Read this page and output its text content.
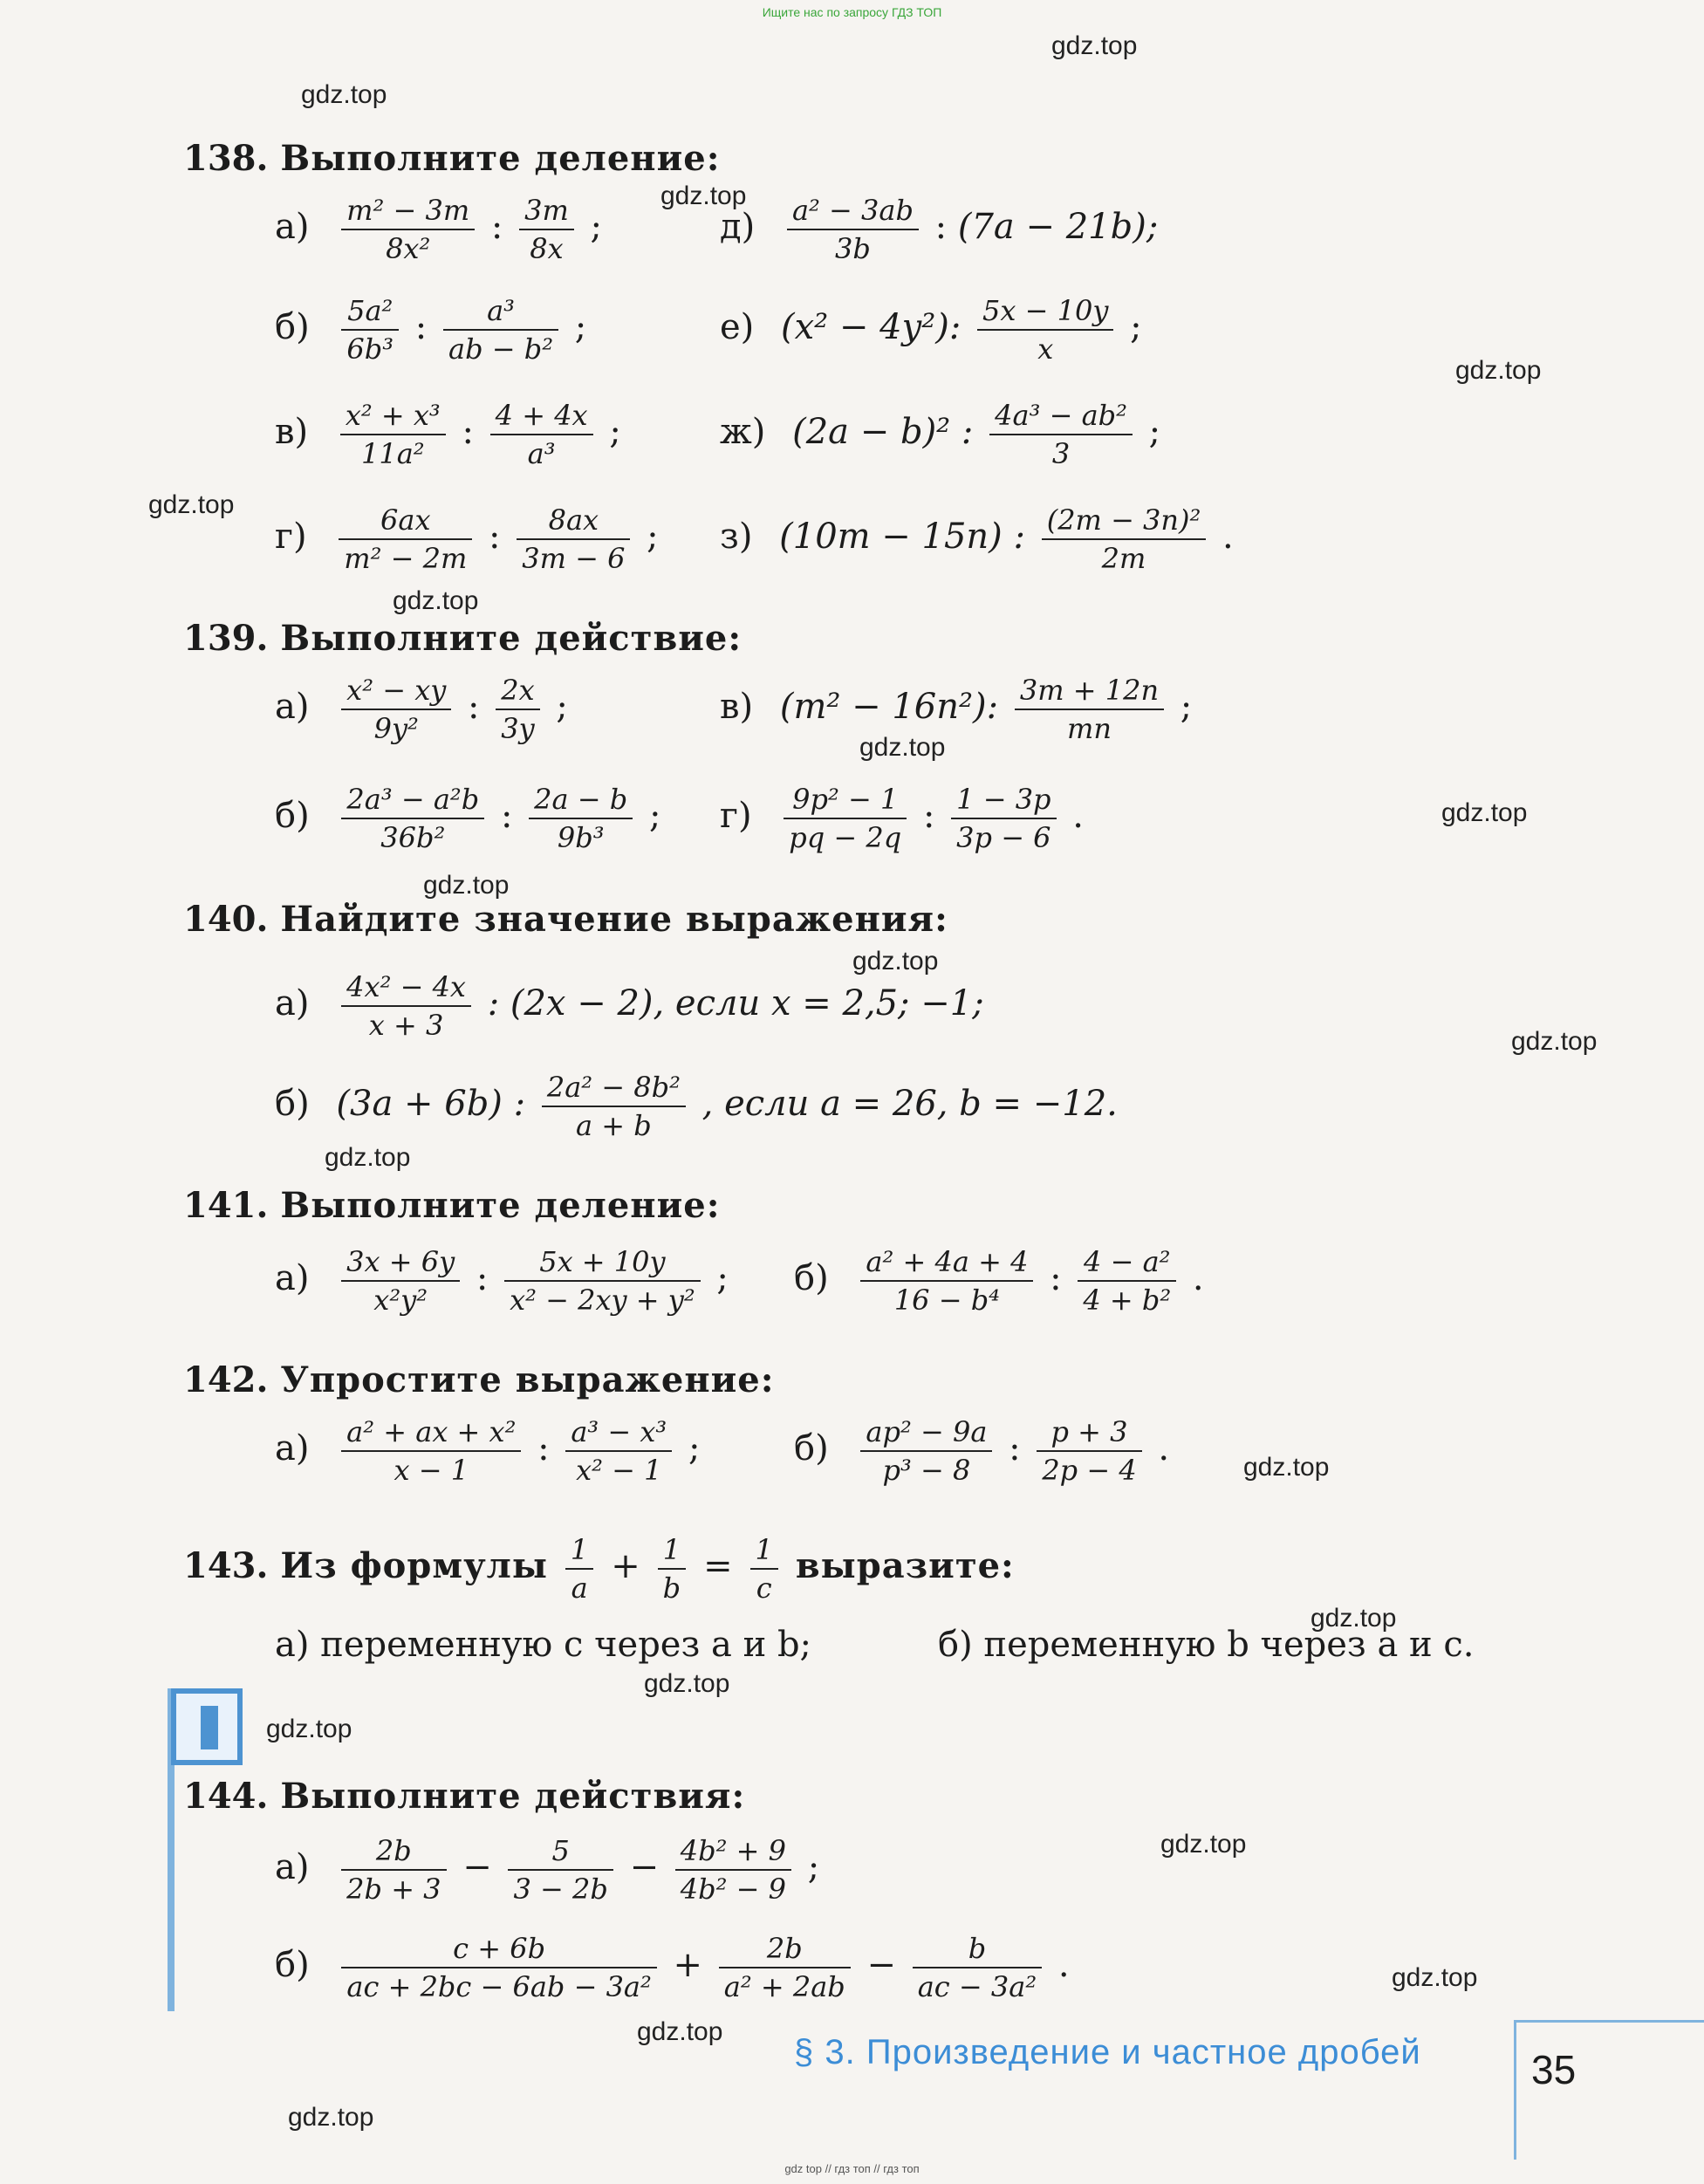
Ищите нас по запросу ГДЗ ТОП
gdz.top
gdz.top
gdz.top
gdz.top
gdz.top
gdz.top
gdz.top
gdz.top
gdz.top
gdz.top
gdz.top
gdz.top
gdz.top
gdz.top
gdz.top
gdz.top
gdz.top
gdz.top
gdz.top
gdz.top
138. Выполните деление:
$а) \frac{\text{m² − 3m}}{\text{8x²}}$ : $\frac{3m}{8x}$ ;	$д) \frac{\text{a² − 3ab}}{3b}$ : (7a − 21b);
$б) \frac{\text{5a²}}{\text{6b³}}$ : $\frac{\text{a³}}{\text{ab − b²}}$ ;	е) (x² − 4y²): $\frac{5x - 10y}{x}$ ;
$в) \frac{\text{x² + x³}}{\text{11a²}}$ : $\frac{4 + 4x}{\text{a³}}$ ;	ж) (2a − b)² : $\frac{\text{4a³ − ab²}}{3}$ ;
$г) \frac{6ax}{\text{m² − 2m}}$ : $\frac{8ax}{3m - 6}$ ; з) (10m − 15n) : $\frac{\text{(2m − 3n)²}}{2m}$ .
139. Выполните действие:
$а) \frac{\text{x² − xy}}{\text{9y²}}$ : $\frac{2x}{3y}$ ;	в) (m² − 16n²): $\frac{3m + 12n}{mn}$ ;
$б) \frac{\text{2a³ − a²b}}{\text{36b²}}$ : $\frac{2a - b}{\text{9b³}}$ ; $г) \frac{\text{9p² − 1}}{pq - 2q}$ : $\frac{1 - 3p}{3p - 6}$ .
140. Найдите значение выражения:
$а) \frac{\text{4x² − 4x}}{x + 3}$ : (2x − 2), если x = 2,5; −1;
б) (3a + 6b) : $\frac{\text{2a² − 8b²}}{a + b}$ , если a = 26, b = −12.
141. Выполните деление:
$а) \frac{3x + 6y}{\text{x²y²}}$ : $\frac{5x + 10y}{\text{x² − 2xy + y²}}$ ; $б) \frac{\text{a² + 4a + 4}}{\text{16 − b⁴}}$ : $\frac{\text{4 − a²}}{\text{4 + b²}}$ .
142. Упростите выражение:
$а) \frac{\text{a² + ax + x²}}{x - 1}$ : $\frac{\text{a³ − x³}}{\text{x² − 1}}$ ;	$б) \frac{\text{ap² − 9a}}{\text{p³ − 8}}$ : $\frac{p + 3}{2p - 4}$ .
143. Из формулы $\frac{1}{a} + \frac{1}{b} = \frac{1}{c}$ выразите:
а) переменную c через a и b;	б) переменную b через a и c.
144. Выполните действия:
$а) \frac{2b}{2b + 3} - \frac{5}{3 - 2b} - \frac{\text{4b² + 9}}{\text{4b² − 9}}$ ;
$б) \frac{c + 6b}{\text{ac + 2bc − 6ab − 3a²}} + \frac{2b}{\text{a² + 2ab}} - \frac{b}{\text{ac − 3a²}}$ .
§ 3. Произведение и частное дробей	35
gdz top // гдз топ // гдз топ
